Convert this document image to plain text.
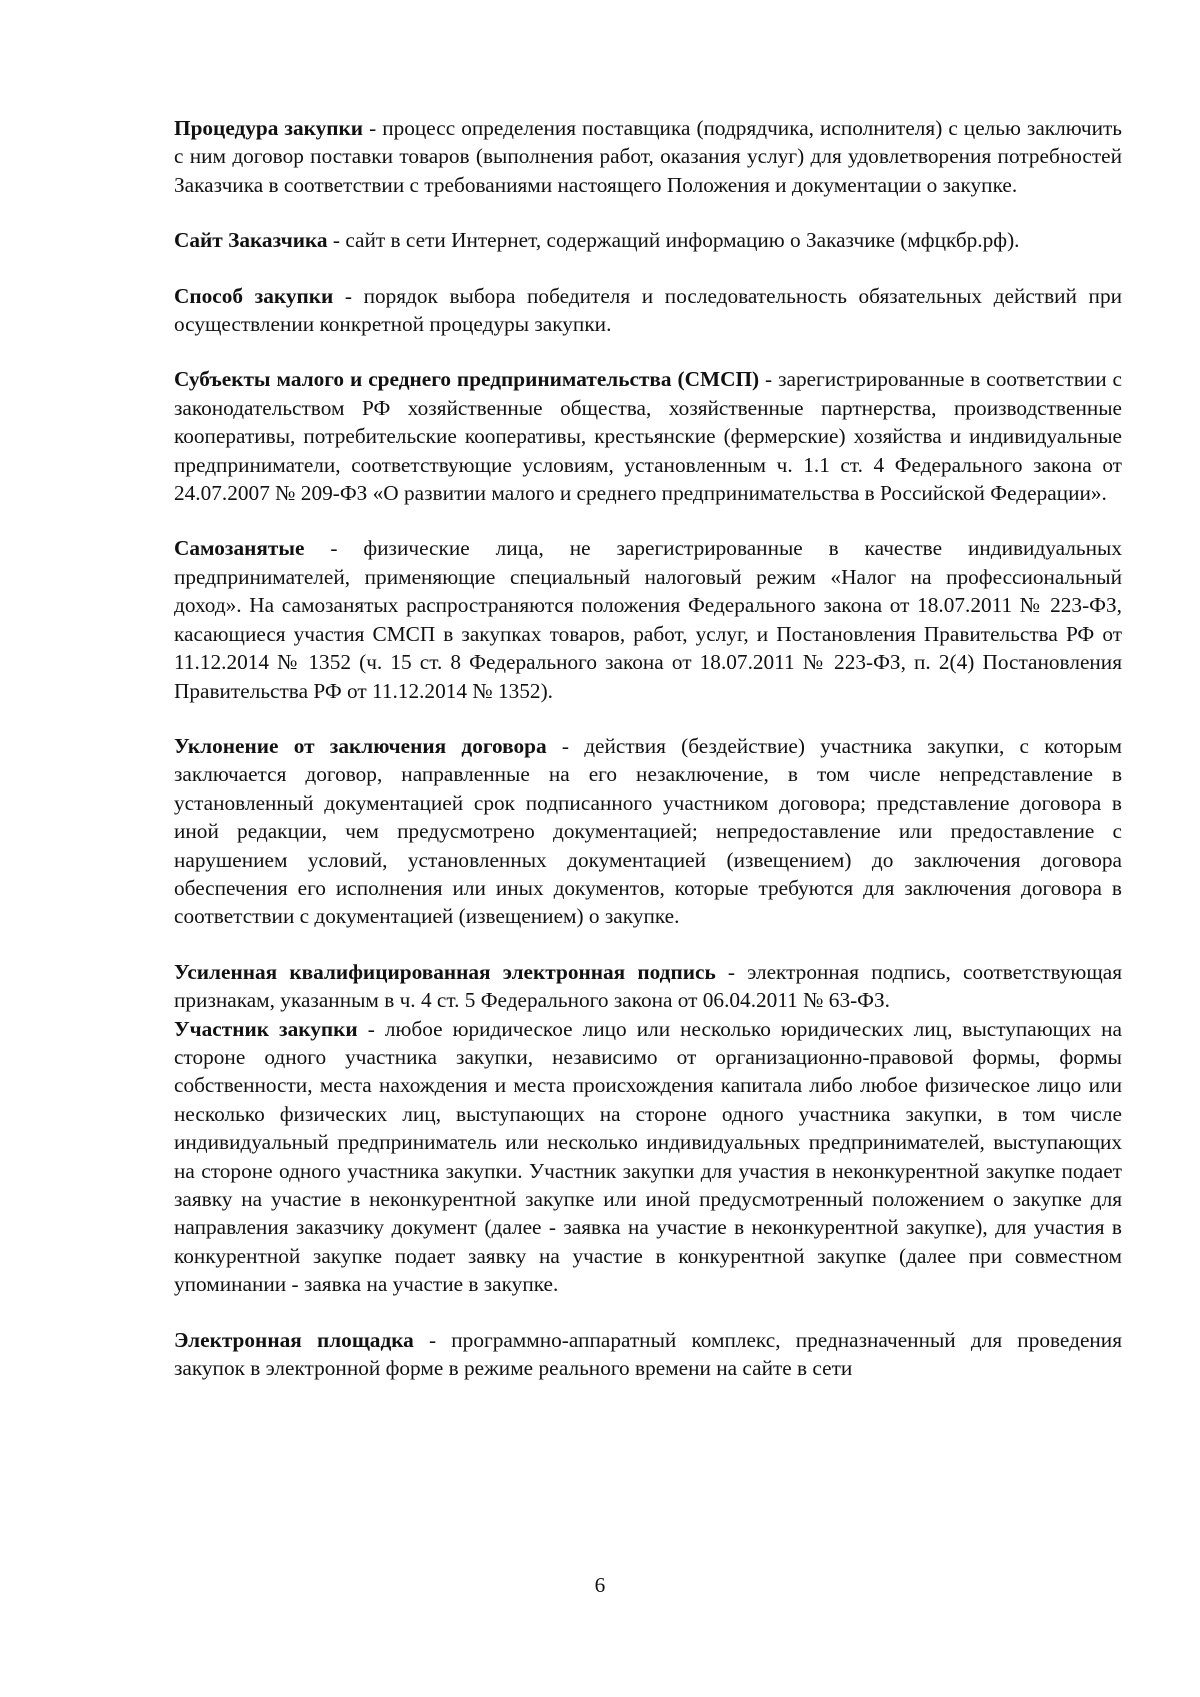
Процедура закупки - процесс определения поставщика (подрядчика, исполнителя) с целью заключить с ним договор поставки товаров (выполнения работ, оказания услуг) для удовлетворения потребностей Заказчика в соответствии с требованиями настоящего Положения и документации о закупке.

Сайт Заказчика - сайт в сети Интернет, содержащий информацию о Заказчике (мфцкбр.рф).

Способ закупки - порядок выбора победителя и последовательность обязательных действий при осуществлении конкретной процедуры закупки.

Субъекты малого и среднего предпринимательства (СМСП) - зарегистрированные в соответствии с законодательством РФ хозяйственные общества, хозяйственные партнерства, производственные кооперативы, потребительские кооперативы, крестьянские (фермерские) хозяйства и индивидуальные предприниматели, соответствующие условиям, установленным ч. 1.1 ст. 4 Федерального закона от 24.07.2007 № 209-ФЗ «О развитии малого и среднего предпринимательства в Российской Федерации».

Самозанятые - физические лица, не зарегистрированные в качестве индивидуальных предпринимателей, применяющие специальный налоговый режим «Налог на профессиональный доход». На самозанятых распространяются положения Федерального закона от 18.07.2011 № 223-ФЗ, касающиеся участия СМСП в закупках товаров, работ, услуг, и Постановления Правительства РФ от 11.12.2014 № 1352 (ч. 15 ст. 8 Федерального закона от 18.07.2011 № 223-ФЗ, п. 2(4) Постановления Правительства РФ от 11.12.2014 № 1352).

Уклонение от заключения договора - действия (бездействие) участника закупки, с которым заключается договор, направленные на его незаключение, в том числе непредставление в установленный документацией срок подписанного участником договора; представление договора в иной редакции, чем предусмотрено документацией; непредоставление или предоставление с нарушением условий, установленных документацией (извещением) до заключения договора обеспечения его исполнения или иных документов, которые требуются для заключения договора в соответствии с документацией (извещением) о закупке.

Усиленная квалифицированная электронная подпись - электронная подпись, соответствующая признакам, указанным в ч. 4 ст. 5 Федерального закона от 06.04.2011 № 63-ФЗ.

Участник закупки - любое юридическое лицо или несколько юридических лиц, выступающих на стороне одного участника закупки, независимо от организационно-правовой формы, формы собственности, места нахождения и места происхождения капитала либо любое физическое лицо или несколько физических лиц, выступающих на стороне одного участника закупки, в том числе индивидуальный предприниматель или несколько индивидуальных предпринимателей, выступающих на стороне одного участника закупки. Участник закупки для участия в неконкурентной закупке подает заявку на участие в неконкурентной закупке или иной предусмотренный положением о закупке для направления заказчику документ (далее - заявка на участие в неконкурентной закупке), для участия в конкурентной закупке подает заявку на участие в конкурентной закупке (далее при совместном упоминании - заявка на участие в закупке.

Электронная площадка - программно-аппаратный комплекс, предназначенный для проведения закупок в электронной форме в режиме реального времени на сайте в сети

6
